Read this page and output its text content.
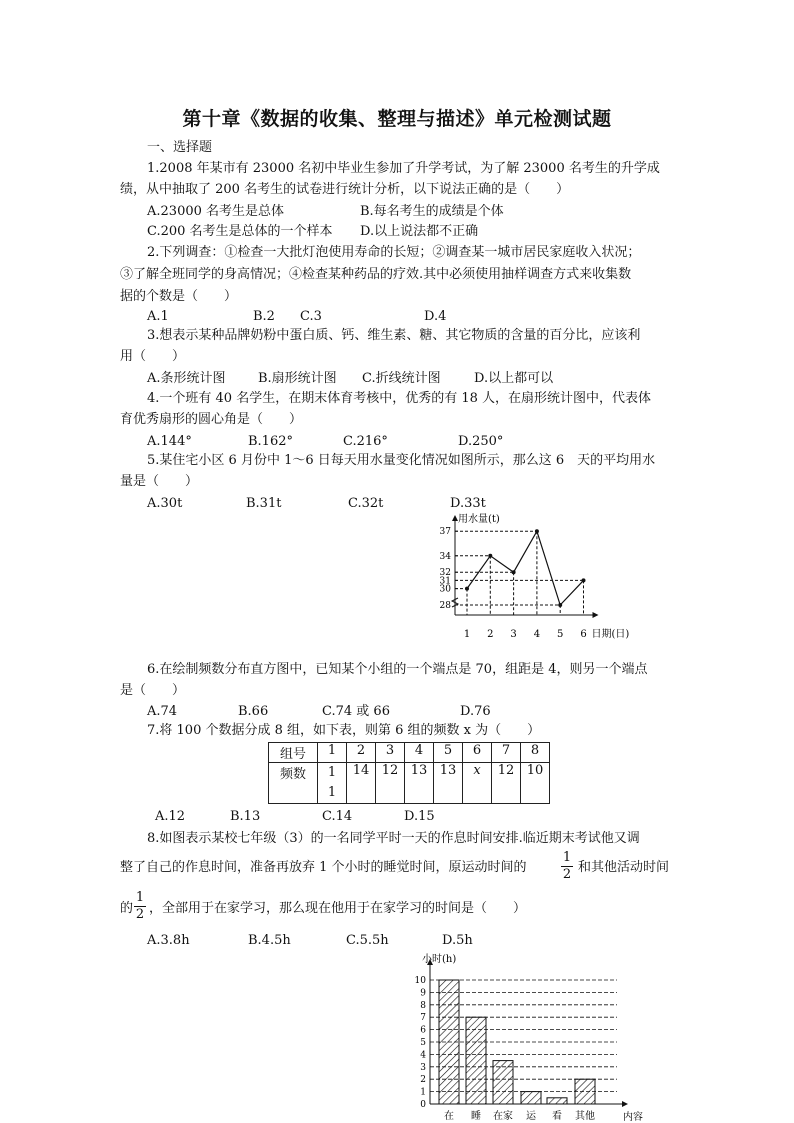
第十章《数据的收集、整理与描述》单元检测试题
一、选择题
1.2008 年某市有 23000 名初中毕业生参加了升学考试，为了解 23000 名考生的升学成
绩，从中抽取了 200 名考生的试卷进行统计分析，以下说法正确的是（　　）
A.23000 名考生是总体	B.每名考生的成绩是个体
C.200 名考生是总体的一个样本 D.以上说法都不正确
2.下列调查：①检查一大批灯泡使用寿命的长短；②调查某一城市居民家庭收入状况；
③了解全班同学的身高情况；④检查某种药品的疗效.其中必须使用抽样调查方式来收集数
据的个数是（　　）
A.1	B.2 C.3	D.4
3.想表示某种品牌奶粉中蛋白质、钙、维生素、糖、其它物质的含量的百分比，应该利
用（　　）
A.条形统计图 B.扇形统计图 C.折线统计图	D.以上都可以
4.一个班有 40 名学生，在期末体育考核中，优秀的有 18 人，在扇形统计图中，代表体
育优秀扇形的圆心角是（　　）
A.144°	B.162°	C.216°	D.250°
5.某住宅小区 6 月份中 1～6 日每天用水量变化情况如图所示，那么这 6　天的平均用水
量是（　　）
A.30t	B.31t	C.32t	D.33t
用水量(t)
日期(日)
28
30
31
32
34
37
1 2 3 4 5 6
6.在绘制频数分布直方图中，已知某个小组的一个端点是 70，组距是 4，则另一个端点
是（　　）
A.74	B.66	C.74 或 66	D.76
7.将 100 个数据分成 8 组，如下表，则第 6 组的频数 x 为（　　）
组号	1	2	3	4	5	6	7	8
频数	1
1	14	12	13	13	x	12	10
A.12	B.13	C.14	D.15
8.如图表示某校七年级（3）的一名同学平时一天的作息时间安排.临近期末考试他又调
整了自己的作息时间，准备再放弃 1 个小时的睡觉时间，原运动时间的
1
2 和其他活动时间
的
1
2 ，全部用于在家学习，那么现在他用于在家学习的时间是（　　）
A.3.8h	B.4.5h	C.5.5h	D.5h
小时(h)
内容
0
1
2
3
4
5
6
7
8
9
10
在 睡 在家 运 看 其他
